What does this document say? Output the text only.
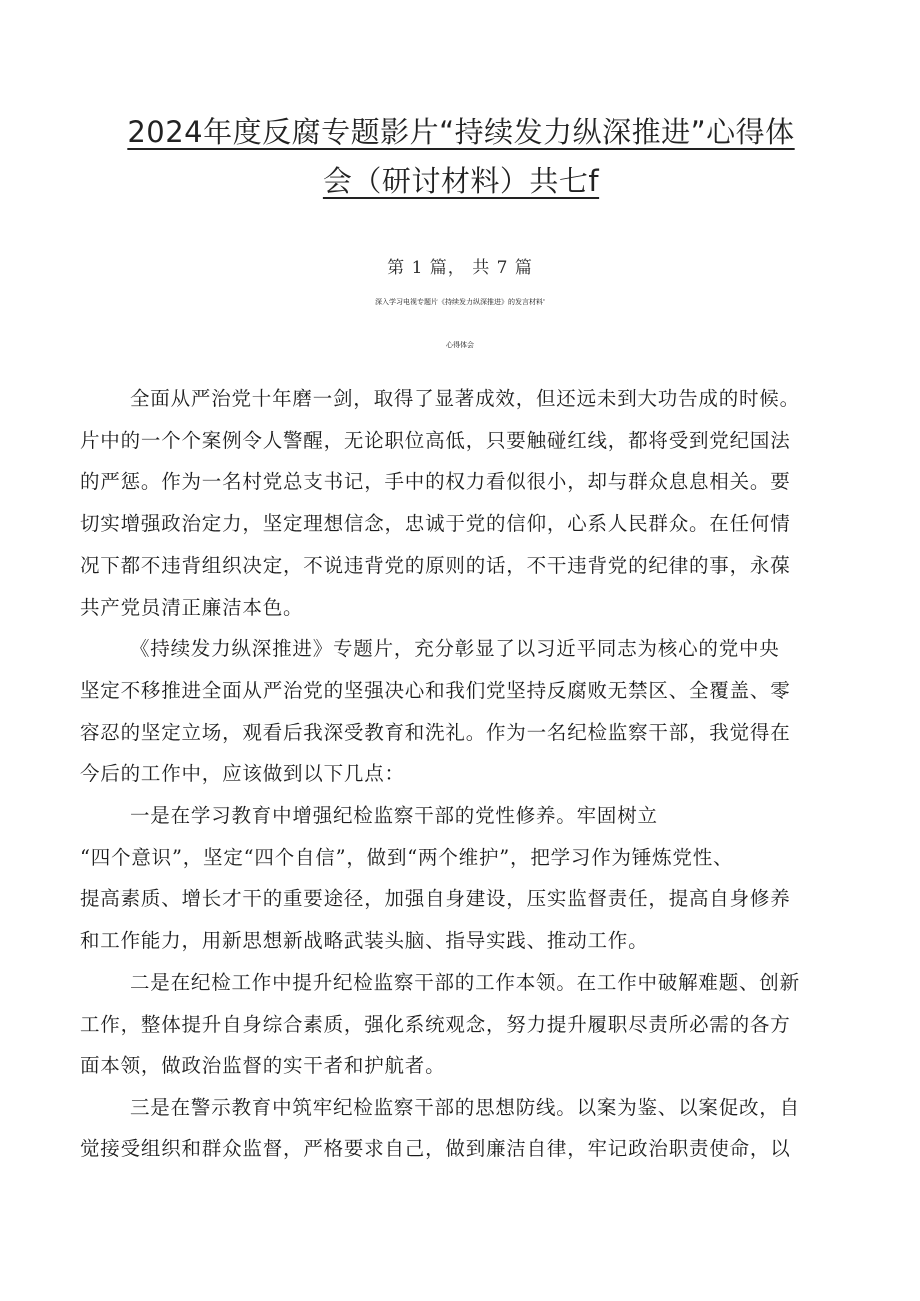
2024年度反腐专题影片“持续发力纵深推进”心得体
会（研讨材料）共七f
第 1 篇， 共 7 篇
深入学习电视专题片《持续发力纵深推进》的发言材料'
心得体会
全面从严治党十年磨一剑，取得了显著成效，但还远未到大功告成的时候。
片中的一个个案例令人警醒，无论职位高低，只要触碰红线，都将受到党纪国法
的严惩。作为一名村党总支书记，手中的权力看似很小，却与群众息息相关。要
切实增强政治定力，坚定理想信念，忠诚于党的信仰，心系人民群众。在任何情
况下都不违背组织决定，不说违背党的原则的话，不干违背党的纪律的事，永葆
共产党员清正廉洁本色。
《持续发力纵深推进》专题片，充分彰显了以习近平同志为核心的党中央
坚定不移推进全面从严治党的坚强决心和我们党坚持反腐败无禁区、全覆盖、零
容忍的坚定立场，观看后我深受教育和洗礼。作为一名纪检监察干部，我觉得在
今后的工作中，应该做到以下几点：
一是在学习教育中增强纪检监察干部的党性修养。牢固树立
“四个意识”，坚定“四个自信”，做到“两个维护”，把学习作为锤炼党性、
提高素质、增长才干的重要途径，加强自身建设，压实监督责任，提高自身修养
和工作能力，用新思想新战略武装头脑、指导实践、推动工作。
二是在纪检工作中提升纪检监察干部的工作本领。在工作中破解难题、创新
工作，整体提升自身综合素质，强化系统观念，努力提升履职尽责所必需的各方
面本领，做政治监督的实干者和护航者。
三是在警示教育中筑牢纪检监察干部的思想防线。以案为鉴、以案促改，自
觉接受组织和群众监督，严格要求自己，做到廉洁自律，牢记政治职责使命，以
